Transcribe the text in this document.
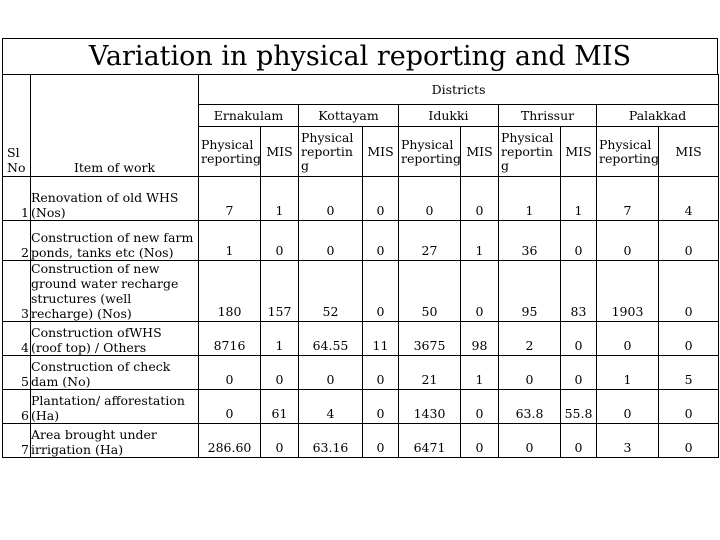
Variation in physical reporting and MIS
		Districts									
Sl No	Item of work	Ernakulam		Kottayam		Idukki		Thrissur		Palakkad	
		Physical reporting	MIS	Physical reportin g	MIS	Physical reporting	MIS	Physical reportin g	MIS	Physical reporting	MIS
1	Renovation of old WHS (Nos)	7	1	0	0	0	0	1	1	7	4
2	Construction of new farm ponds, tanks etc (Nos)	1	0	0	0	27	1	36	0	0	0
3	Construction of new ground water recharge structures (well recharge) (Nos)	180	157	52	0	50	0	95	83	1903	0
4	Construction ofWHS (roof top) / Others	8716	1	64.55	11	3675	98	2	0	0	0
5	Construction of check dam (No)	0	0	0	0	21	1	0	0	1	5
6	Plantation/ afforestation (Ha)	0	61	4	0	1430	0	63.8	55.8	0	0
7	Area brought under irrigation (Ha)	286.60	0	63.16	0	6471	0	0	0	3	0
